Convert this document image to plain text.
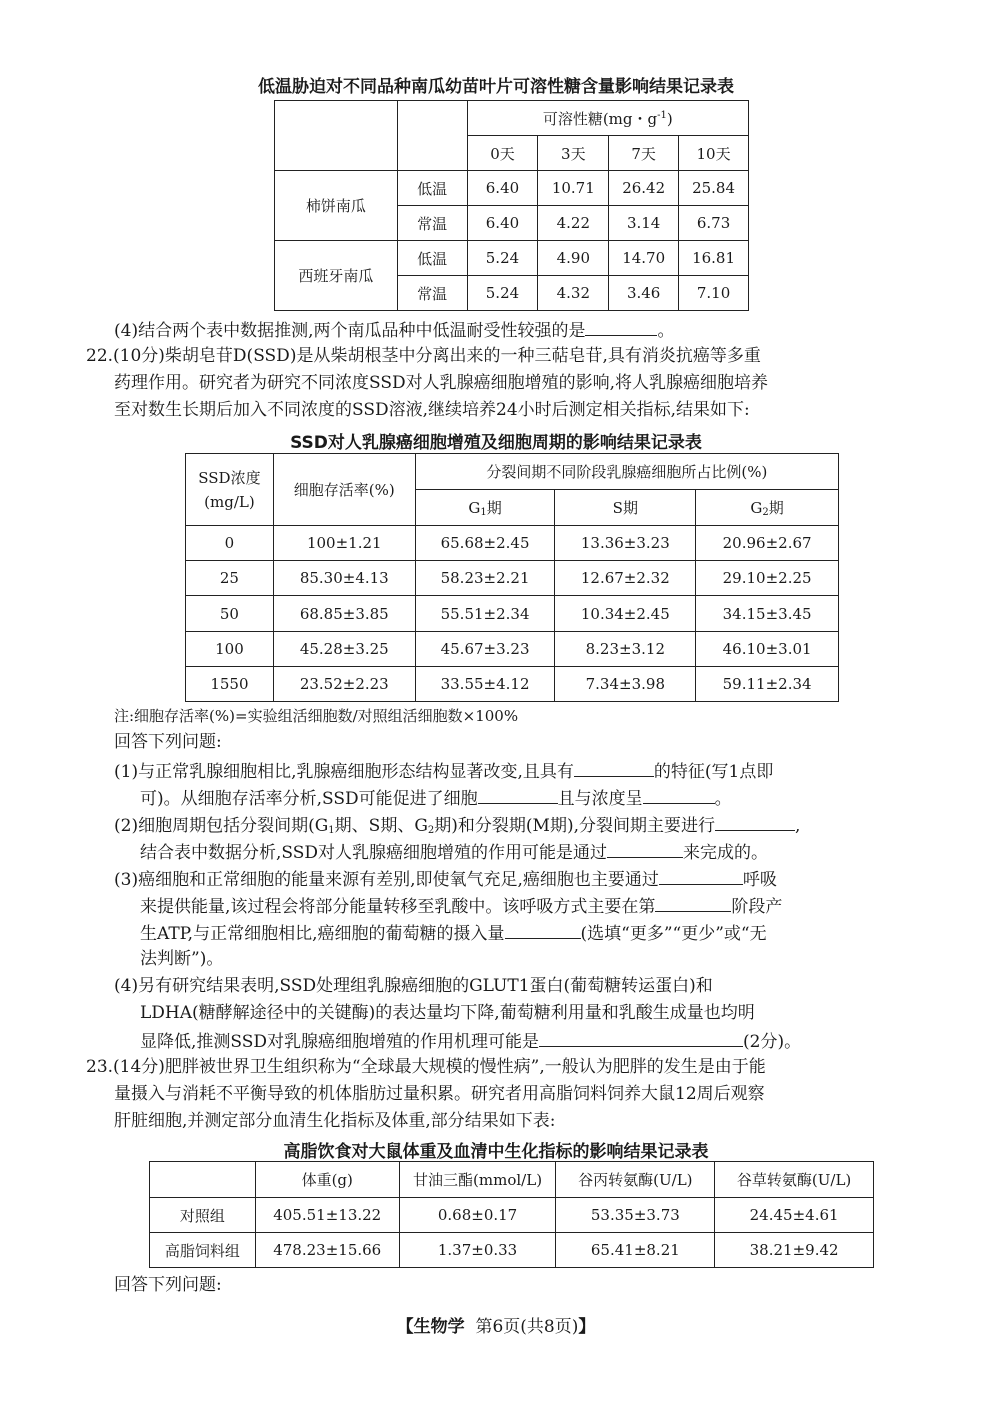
低温胁迫对不同品种南瓜幼苗叶片可溶性糖含量影响结果记录表
		可溶性糖(mg・$g^{-1}$)			
		0天	3天	7天	10天
柿饼南瓜	低温	6.40	10.71	26.42	25.84
	常温	6.40	4.22	3.14	6.73
西班牙南瓜	低温	5.24	4.90	14.70	16.81
	常温	5.24	4.32	3.46	7.10
(4)结合两个表中数据推测,两个南瓜品种中低温耐受性较强的是	。
22.(10分)柴胡皂苷D(SSD)是从柴胡根茎中分离出来的一种三萜皂苷,具有消炎抗癌等多重
药理作用。研究者为研究不同浓度SSD对人乳腺癌细胞增殖的影响,将人乳腺癌细胞培养
至对数生长期后加入不同浓度的SSD溶液,继续培养24小时后测定相关指标,结果如下:
SSD对人乳腺癌细胞增殖及细胞周期的影响结果记录表
SSD浓度
(mg/L)	细胞存活率(%)	分裂间期不同阶段乳腺癌细胞所占比例(%)		
		$G_1$期	S期	$G_2$期
0	100±1.21	65.68±2.45	13.36±3.23	20.96±2.67
25	85.30±4.13	58.23±2.21	12.67±2.32	29.10±2.25
50	68.85±3.85	55.51±2.34	10.34±2.45	34.15±3.45
100	45.28±3.25	45.67±3.23	8.23±3.12	46.10±3.01
1550	23.52±2.23	33.55±4.12	7.34±3.98	59.11±2.34
注:细胞存活率(%)=实验组活细胞数/对照组活细胞数×100%
回答下列问题:
(1)与正常乳腺细胞相比,乳腺癌细胞形态结构显著改变,且具有	的特征(写1点即
可)。从细胞存活率分析,SSD可能促进了细胞	且与浓度呈	。
(2)细胞周期包括分裂间期($G_1$期、S期、$G_2$期)和分裂期(M期),分裂间期主要进行	,
结合表中数据分析,SSD对人乳腺癌细胞增殖的作用可能是通过	来完成的。
(3)癌细胞和正常细胞的能量来源有差别,即使氧气充足,癌细胞也主要通过	呼吸
来提供能量,该过程会将部分能量转移至乳酸中。该呼吸方式主要在第	阶段产
生ATP,与正常细胞相比,癌细胞的葡萄糖的摄入量	(选填“更多”“更少”或“无
法判断”)。
(4)另有研究结果表明,SSD处理组乳腺癌细胞的GLUT1蛋白(葡萄糖转运蛋白)和
LDHA(糖酵解途径中的关键酶)的表达量均下降,葡萄糖利用量和乳酸生成量也均明
显降低,推测SSD对乳腺癌细胞增殖的作用机理可能是	(2分)。
23.(14分)肥胖被世界卫生组织称为“全球最大规模的慢性病”,一般认为肥胖的发生是由于能
量摄入与消耗不平衡导致的机体脂肪过量积累。研究者用高脂饲料饲养大鼠12周后观察
肝脏细胞,并测定部分血清生化指标及体重,部分结果如下表:
高脂饮食对大鼠体重及血清中生化指标的影响结果记录表
	体重(g)	甘油三酯(mmol/L)	谷丙转氨酶(U/L)	谷草转氨酶(U/L)
对照组	405.51±13.22	0.68±0.17	53.35±3.73	24.45±4.61
高脂饲料组	478.23±15.66	1.37±0.33	65.41±8.21	38.21±9.42
回答下列问题:
【生物学 第6页(共8页)】
